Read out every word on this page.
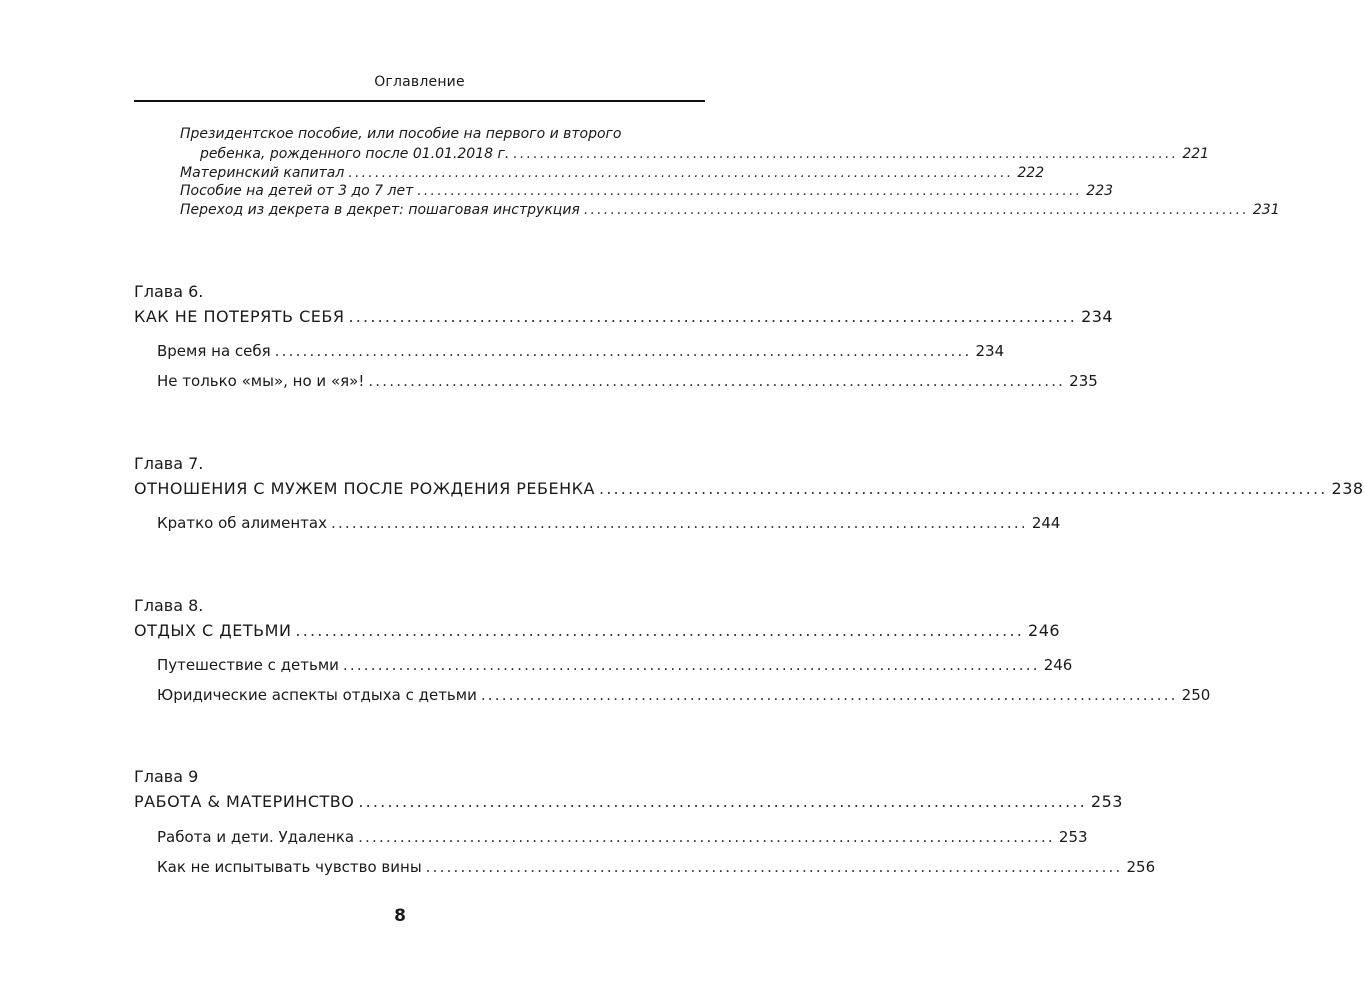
Оглавление
Президентское пособие, или пособие на первого и второго
ребенка, рожденного после 01.01.2018 г. .................................................................................................... 221
Материнский капитал .................................................................................................... 222
Пособие на детей от 3 до 7 лет .................................................................................................... 223
Переход из декрета в декрет: пошаговая инструкция .................................................................................................... 231
Глава 6.
КАК НЕ ПОТЕРЯТЬ СЕБЯ .................................................................................................... 234
Время на себя .................................................................................................... 234
Не только «мы», но и «я»! .................................................................................................... 235
Глава 7.
ОТНОШЕНИЯ С МУЖЕМ ПОСЛЕ РОЖДЕНИЯ РЕБЕНКА .................................................................................................... 238
Кратко об алиментах .................................................................................................... 244
Глава 8.
ОТДЫХ С ДЕТЬМИ .................................................................................................... 246
Путешествие с детьми .................................................................................................... 246
Юридические аспекты отдыха с детьми .................................................................................................... 250
Глава 9
РАБОТА & МАТЕРИНСТВО .................................................................................................... 253
Работа и дети. Удаленка .................................................................................................... 253
Как не испытывать чувство вины .................................................................................................... 256
8
